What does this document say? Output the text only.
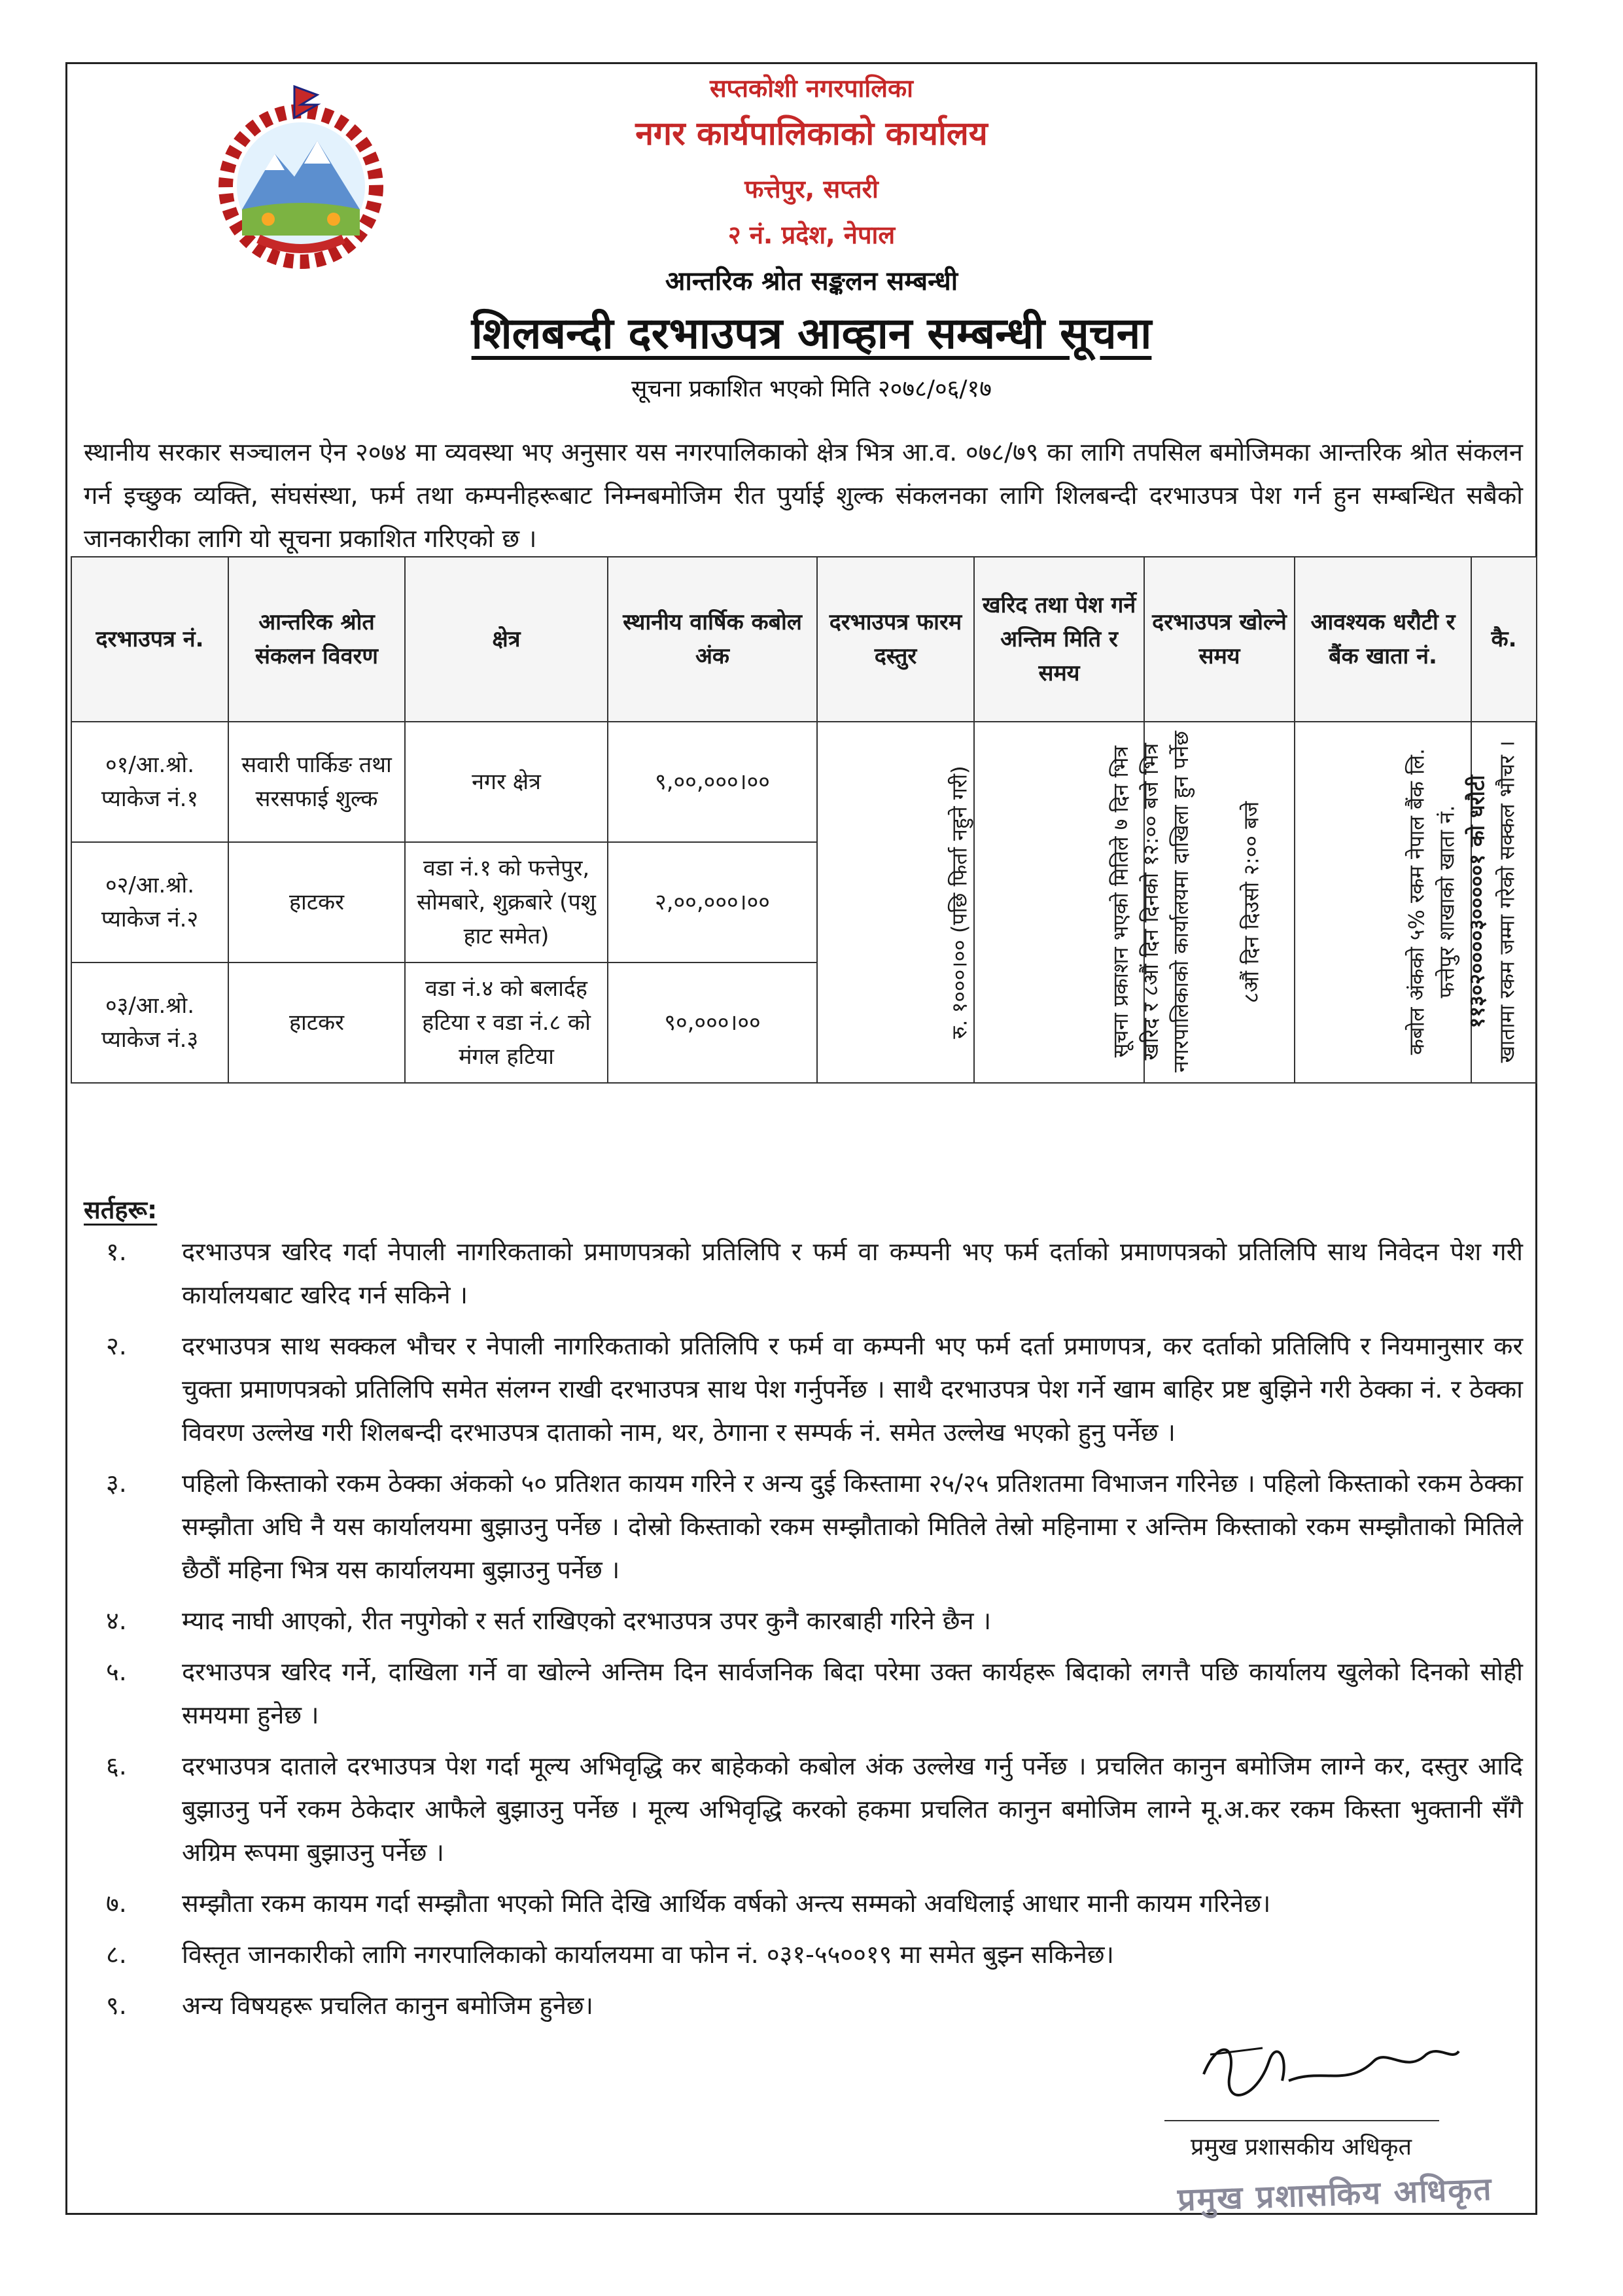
सप्तकोशी नगरपालिका
नगर कार्यपालिकाको कार्यालय
फत्तेपुर, सप्तरी
२ नं. प्रदेश, नेपाल
आन्तरिक श्रोत सङ्कलन सम्बन्धी
शिलबन्दी दरभाउपत्र आव्हान सम्बन्धी सूचना
सूचना प्रकाशित भएको मिति २०७८/०६/१७

स्थानीय सरकार सञ्चालन ऐन २०७४ मा व्यवस्था भए अनुसार यस नगरपालिकाको क्षेत्र भित्र आ.व. ०७८/७९ का लागि तपसिल बमोजिमका आन्तरिक श्रोत संकलन गर्न इच्छुक व्यक्ति, संघसंस्था, फर्म तथा कम्पनीहरूबाट निम्नबमोजिम रीत पुर्याई शुल्क संकलनका लागि शिलबन्दी दरभाउपत्र पेश गर्न हुन सम्बन्धित सबैको जानकारीका लागि यो सूचना प्रकाशित गरिएको छ ।

दरभाउपत्र नं.	आन्तरिक श्रोत संकलन विवरण	क्षेत्र	स्थानीय वार्षिक कबोल अंक	दरभाउपत्र फारम दस्तुर	खरिद तथा पेश गर्ने अन्तिम मिति र समय	दरभाउपत्र खोल्ने समय	आवश्यक धरौटी र बैंक खाता नं.	कै.
०१/आ.श्रो. प्याकेज नं.१	सवारी पार्किङ तथा सरसफाई शुल्क	नगर क्षेत्र	९,००,०००।००	रु. १०००।०० (पछि फिर्ता नहुने गरी)	सूचना प्रकाशन भएको मितिले ७ दिन भित्र खरिद र ८औं दिन दिनको १२:०० बजे भित्र नगरपालिकाको कार्यालयमा दाखिला हुन पर्नेछ	८औं दिन दिउसो २:०० बजे	कबोल अंकको ५% रकम नेपाल बैंक लि. फत्तेपुर शाखाको खाता नं. ११३०२००००३०००००१ को धरौटी खातामा रकम जम्मा गरेको सक्कल भौचर ।	
०२/आ.श्रो. प्याकेज नं.२	हाटकर	वडा नं.१ को फत्तेपुर, सोमबारे, शुक्रबारे (पशु हाट समेत)	२,००,०००।००					
०३/आ.श्रो. प्याकेज नं.३	हाटकर	वडा नं.४ को बलार्दह हटिया र वडा नं.८ को मंगल हटिया	९०,०००।००					
सर्तहरू:
१.	दरभाउपत्र खरिद गर्दा नेपाली नागरिकताको प्रमाणपत्रको प्रतिलिपि र फर्म वा कम्पनी भए फर्म दर्ताको प्रमाणपत्रको प्रतिलिपि साथ निवेदन पेश गरी कार्यालयबाट खरिद गर्न सकिने ।
२.	दरभाउपत्र साथ सक्कल भौचर र नेपाली नागरिकताको प्रतिलिपि र फर्म वा कम्पनी भए फर्म दर्ता प्रमाणपत्र, कर दर्ताको प्रतिलिपि र नियमानुसार कर चुक्ता प्रमाणपत्रको प्रतिलिपि समेत संलग्न राखी दरभाउपत्र साथ पेश गर्नुपर्नेछ । साथै दरभाउपत्र पेश गर्ने खाम बाहिर प्रष्ट बुझिने गरी ठेक्का नं. र ठेक्का विवरण उल्लेख गरी शिलबन्दी दरभाउपत्र दाताको नाम, थर, ठेगाना र सम्पर्क नं. समेत उल्लेख भएको हुनु पर्नेछ ।
३.	पहिलो किस्ताको रकम ठेक्का अंकको ५० प्रतिशत कायम गरिने र अन्य दुई किस्तामा २५/२५ प्रतिशतमा विभाजन गरिनेछ । पहिलो किस्ताको रकम ठेक्का सम्झौता अघि नै यस कार्यालयमा बुझाउनु पर्नेछ । दोस्रो किस्ताको रकम सम्झौताको मितिले तेस्रो महिनामा र अन्तिम किस्ताको रकम सम्झौताको मितिले छैठौं महिना भित्र यस कार्यालयमा बुझाउनु पर्नेछ ।
४.	म्याद नाघी आएको, रीत नपुगेको र सर्त राखिएको दरभाउपत्र उपर कुनै कारबाही गरिने छैन ।
५.	दरभाउपत्र खरिद गर्ने, दाखिला गर्ने वा खोल्ने अन्तिम दिन सार्वजनिक बिदा परेमा उक्त कार्यहरू बिदाको लगत्तै पछि कार्यालय खुलेको दिनको सोही समयमा हुनेछ ।
६.	दरभाउपत्र दाताले दरभाउपत्र पेश गर्दा मूल्य अभिवृद्धि कर बाहेकको कबोल अंक उल्लेख गर्नु पर्नेछ । प्रचलित कानुन बमोजिम लाग्ने कर, दस्तुर आदि बुझाउनु पर्ने रकम ठेकेदार आफैले बुझाउनु पर्नेछ । मूल्य अभिवृद्धि करको हकमा प्रचलित कानुन बमोजिम लाग्ने मू.अ.कर रकम किस्ता भुक्तानी सँगै अग्रिम रूपमा बुझाउनु पर्नेछ ।
७.	सम्झौता रकम कायम गर्दा सम्झौता भएको मिति देखि आर्थिक वर्षको अन्त्य सम्मको अवधिलाई आधार मानी कायम गरिनेछ।
८.	विस्तृत जानकारीको लागि नगरपालिकाको कार्यालयमा वा फोन नं. ०३१-५५००१९ मा समेत बुझ्न सकिनेछ।
९.	अन्य विषयहरू प्रचलित कानुन बमोजिम हुनेछ।
प्रमुख प्रशासकीय अधिकृत
प्रमुख प्रशासकिय अधिकृत
